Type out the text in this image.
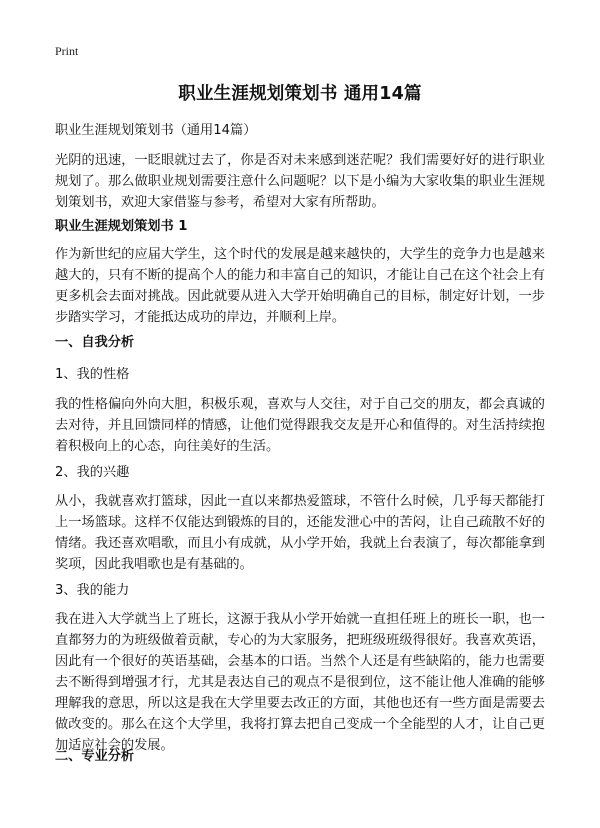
Print
职业生涯规划策划书 通用14篇

职业生涯规划策划书（通用14篇）

光阴的迅速，一眨眼就过去了，你是否对未来感到迷茫呢？我们需要好好的进行职业规划了。那么做职业规划需要注意什么问题呢？以下是小编为大家收集的职业生涯规划策划书，欢迎大家借鉴与参考，希望对大家有所帮助。

职业生涯规划策划书 1

作为新世纪的应届大学生，这个时代的发展是越来越快的，大学生的竞争力也是越来越大的，只有不断的提高个人的能力和丰富自己的知识，才能让自己在这个社会上有更多机会去面对挑战。因此就要从进入大学开始明确自己的目标，制定好计划，一步步踏实学习，才能抵达成功的岸边，并顺利上岸。

一、自我分析

1、我的性格

我的性格偏向外向大胆，积极乐观，喜欢与人交往，对于自己交的朋友，都会真诚的去对待，并且回馈同样的情感，让他们觉得跟我交友是开心和值得的。对生活持续抱着积极向上的心态，向往美好的生活。

2、我的兴趣

从小，我就喜欢打篮球，因此一直以来都热爱篮球，不管什么时候，几乎每天都能打上一场篮球。这样不仅能达到锻炼的目的，还能发泄心中的苦闷，让自己疏散不好的情绪。我还喜欢唱歌，而且小有成就，从小学开始，我就上台表演了，每次都能拿到奖项，因此我唱歌也是有基础的。

3、我的能力

我在进入大学就当上了班长，这源于我从小学开始就一直担任班上的班长一职，也一直都努力的为班级做着贡献，专心的为大家服务，把班级班级得很好。我喜欢英语，因此有一个很好的英语基础，会基本的口语。当然个人还是有些缺陷的，能力也需要去不断得到增强才行，尤其是表达自己的观点不是很到位，这不能让他人准确的能够理解我的意思，所以这是我在大学里要去改正的方面，其他也还有一些方面是需要去做改变的。那么在这个大学里，我将打算去把自己变成一个全能型的人才，让自己更加适应社会的发展。

二、专业分析
